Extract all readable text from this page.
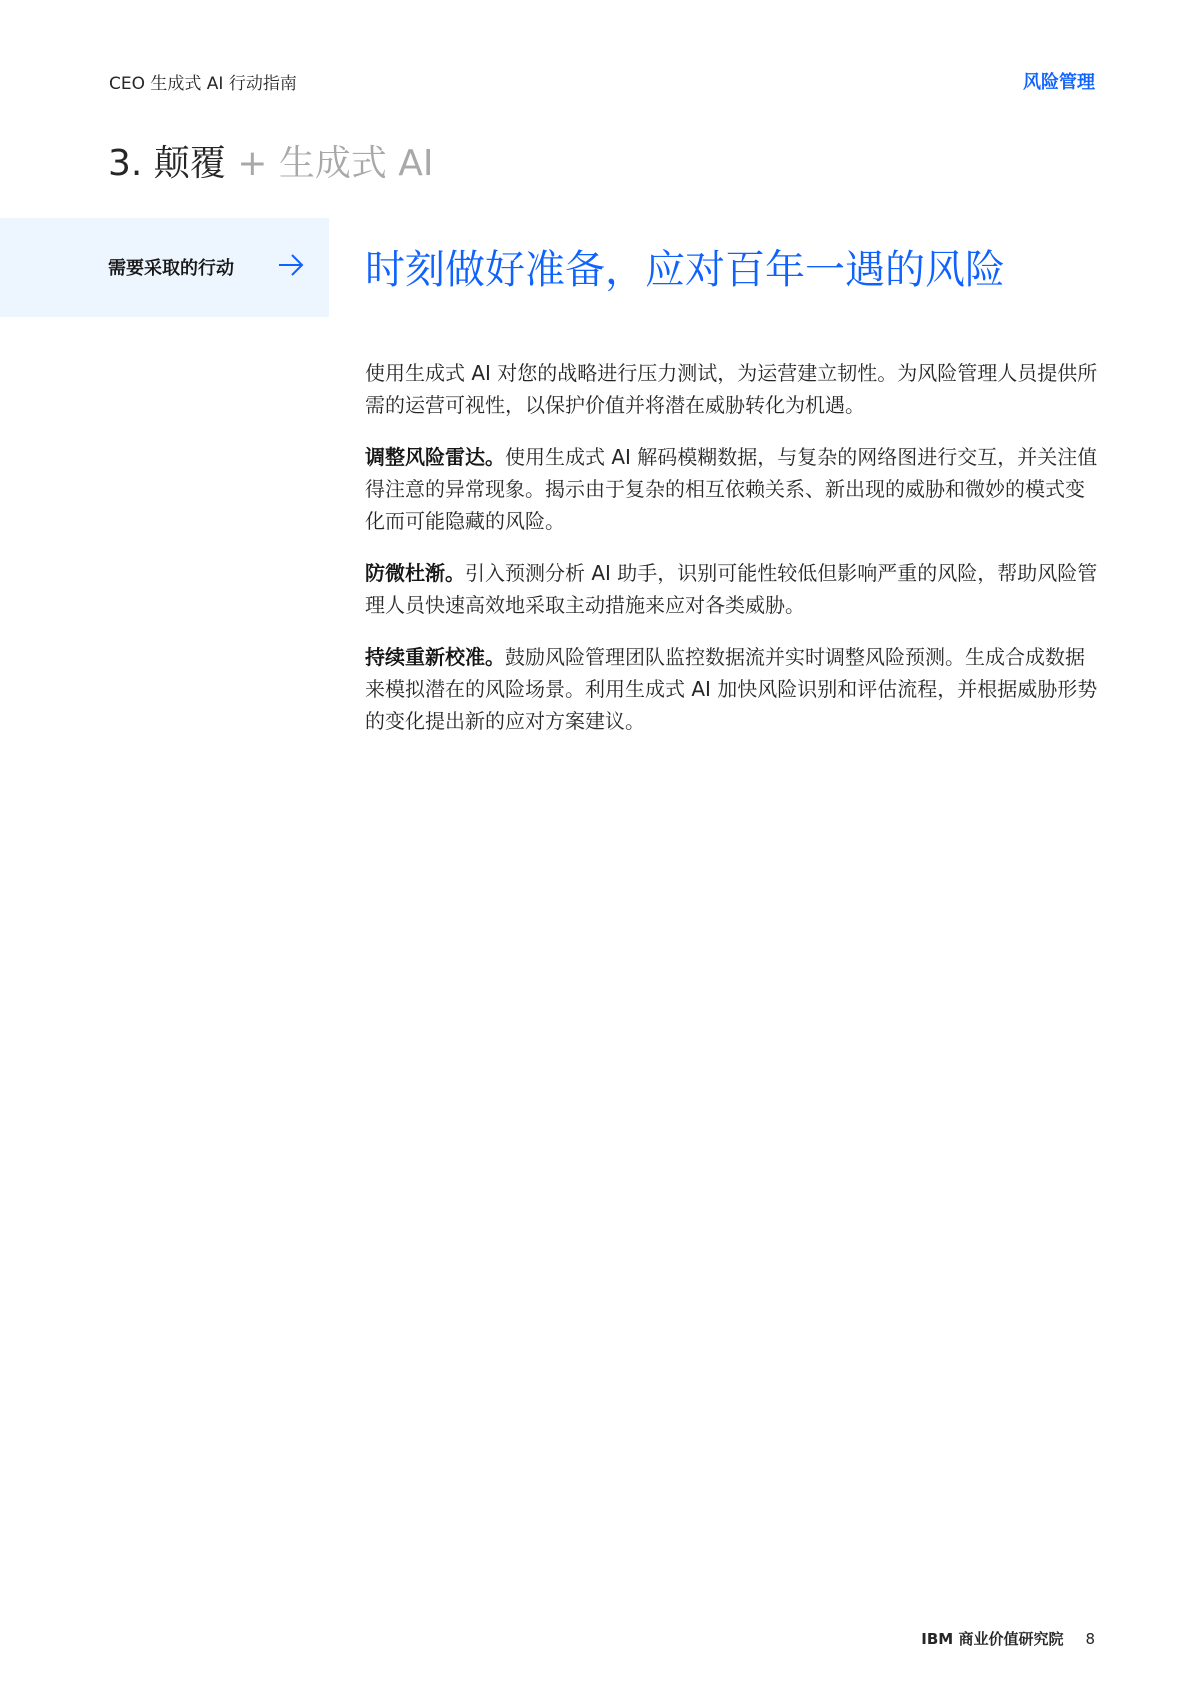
CEO 生成式 AI 行动指南	风险管理
3. 颠覆 + 生成式 AI
需要采取的行动	时刻做好准备，应对百年一遇的风险

使用生成式 AI 对您的战略进行压力测试，为运营建立韧性。为风险管理人员提供所需的运营可视性，以保护价值并将潜在威胁转化为机遇。

调整风险雷达。使用生成式 AI 解码模糊数据，与复杂的网络图进行交互，并关注值得注意的异常现象。揭示由于复杂的相互依赖关系、新出现的威胁和微妙的模式变化而可能隐藏的风险。

防微杜渐。引入预测分析 AI 助手，识别可能性较低但影响严重的风险，帮助风险管理人员快速高效地采取主动措施来应对各类威胁。

持续重新校准。鼓励风险管理团队监控数据流并实时调整风险预测。生成合成数据来模拟潜在的风险场景。利用生成式 AI 加快风险识别和评估流程，并根据威胁形势的变化提出新的应对方案建议。

IBM 商业价值研究院 8
